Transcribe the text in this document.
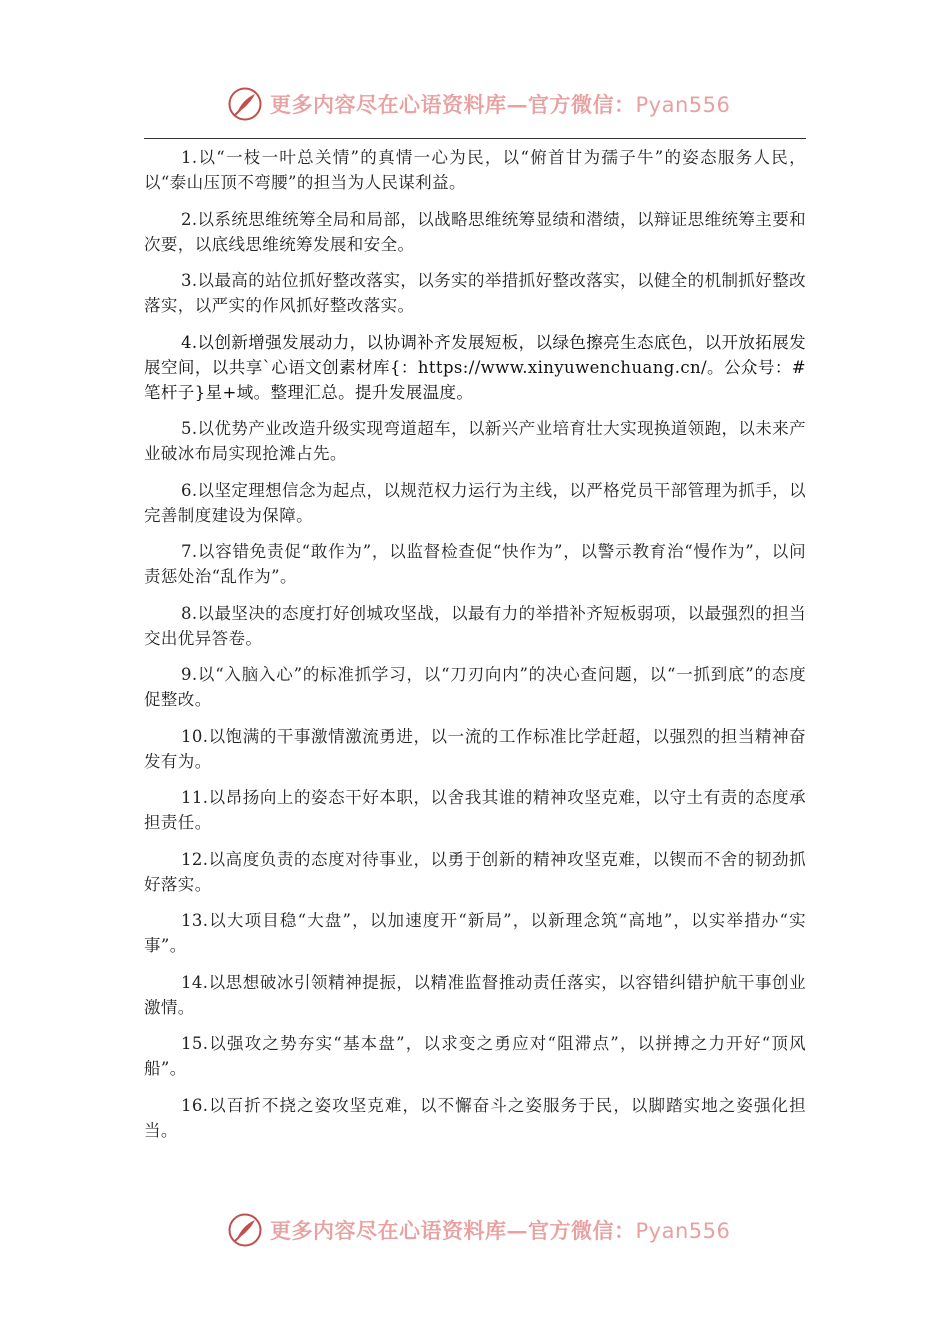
更多内容尽在心语资料库—官方微信：Pyan556

1.以“一枝一叶总关情”的真情一心为民，以“俯首甘为孺子牛”的姿态服务人民，以“泰山压顶不弯腰”的担当为人民谋利益。

2.以系统思维统筹全局和局部，以战略思维统筹显绩和潜绩，以辩证思维统筹主要和次要，以底线思维统筹发展和安全。

3.以最高的站位抓好整改落实，以务实的举措抓好整改落实，以健全的机制抓好整改落实，以严实的作风抓好整改落实。

4.以创新增强发展动力，以协调补齐发展短板，以绿色擦亮生态底色，以开放拓展发展空间，以共享`心语文创素材库{：https://www.xinyuwenchuang.cn/。公众号：#笔杆子}星+域。整理汇总。提升发展温度。

5.以优势产业改造升级实现弯道超车，以新兴产业培育壮大实现换道领跑，以未来产业破冰布局实现抢滩占先。

6.以坚定理想信念为起点，以规范权力运行为主线，以严格党员干部管理为抓手，以完善制度建设为保障。

7.以容错免责促“敢作为”，以监督检查促“快作为”，以警示教育治“慢作为”，以问责惩处治“乱作为”。

8.以最坚决的态度打好创城攻坚战，以最有力的举措补齐短板弱项，以最强烈的担当交出优异答卷。

9.以“入脑入心”的标准抓学习，以“刀刃向内”的决心查问题，以“一抓到底”的态度促整改。

10.以饱满的干事激情激流勇进，以一流的工作标准比学赶超，以强烈的担当精神奋发有为。

11.以昂扬向上的姿态干好本职，以舍我其谁的精神攻坚克难，以守土有责的态度承担责任。

12.以高度负责的态度对待事业，以勇于创新的精神攻坚克难，以锲而不舍的韧劲抓好落实。

13.以大项目稳“大盘”，以加速度开“新局”，以新理念筑“高地”，以实举措办“实事”。

14.以思想破冰引领精神提振，以精准监督推动责任落实，以容错纠错护航干事创业激情。

15.以强攻之势夯实“基本盘”，以求变之勇应对“阻滞点”，以拼搏之力开好“顶风船”。

16.以百折不挠之姿攻坚克难，以不懈奋斗之姿服务于民，以脚踏实地之姿强化担当。

更多内容尽在心语资料库—官方微信：Pyan556
